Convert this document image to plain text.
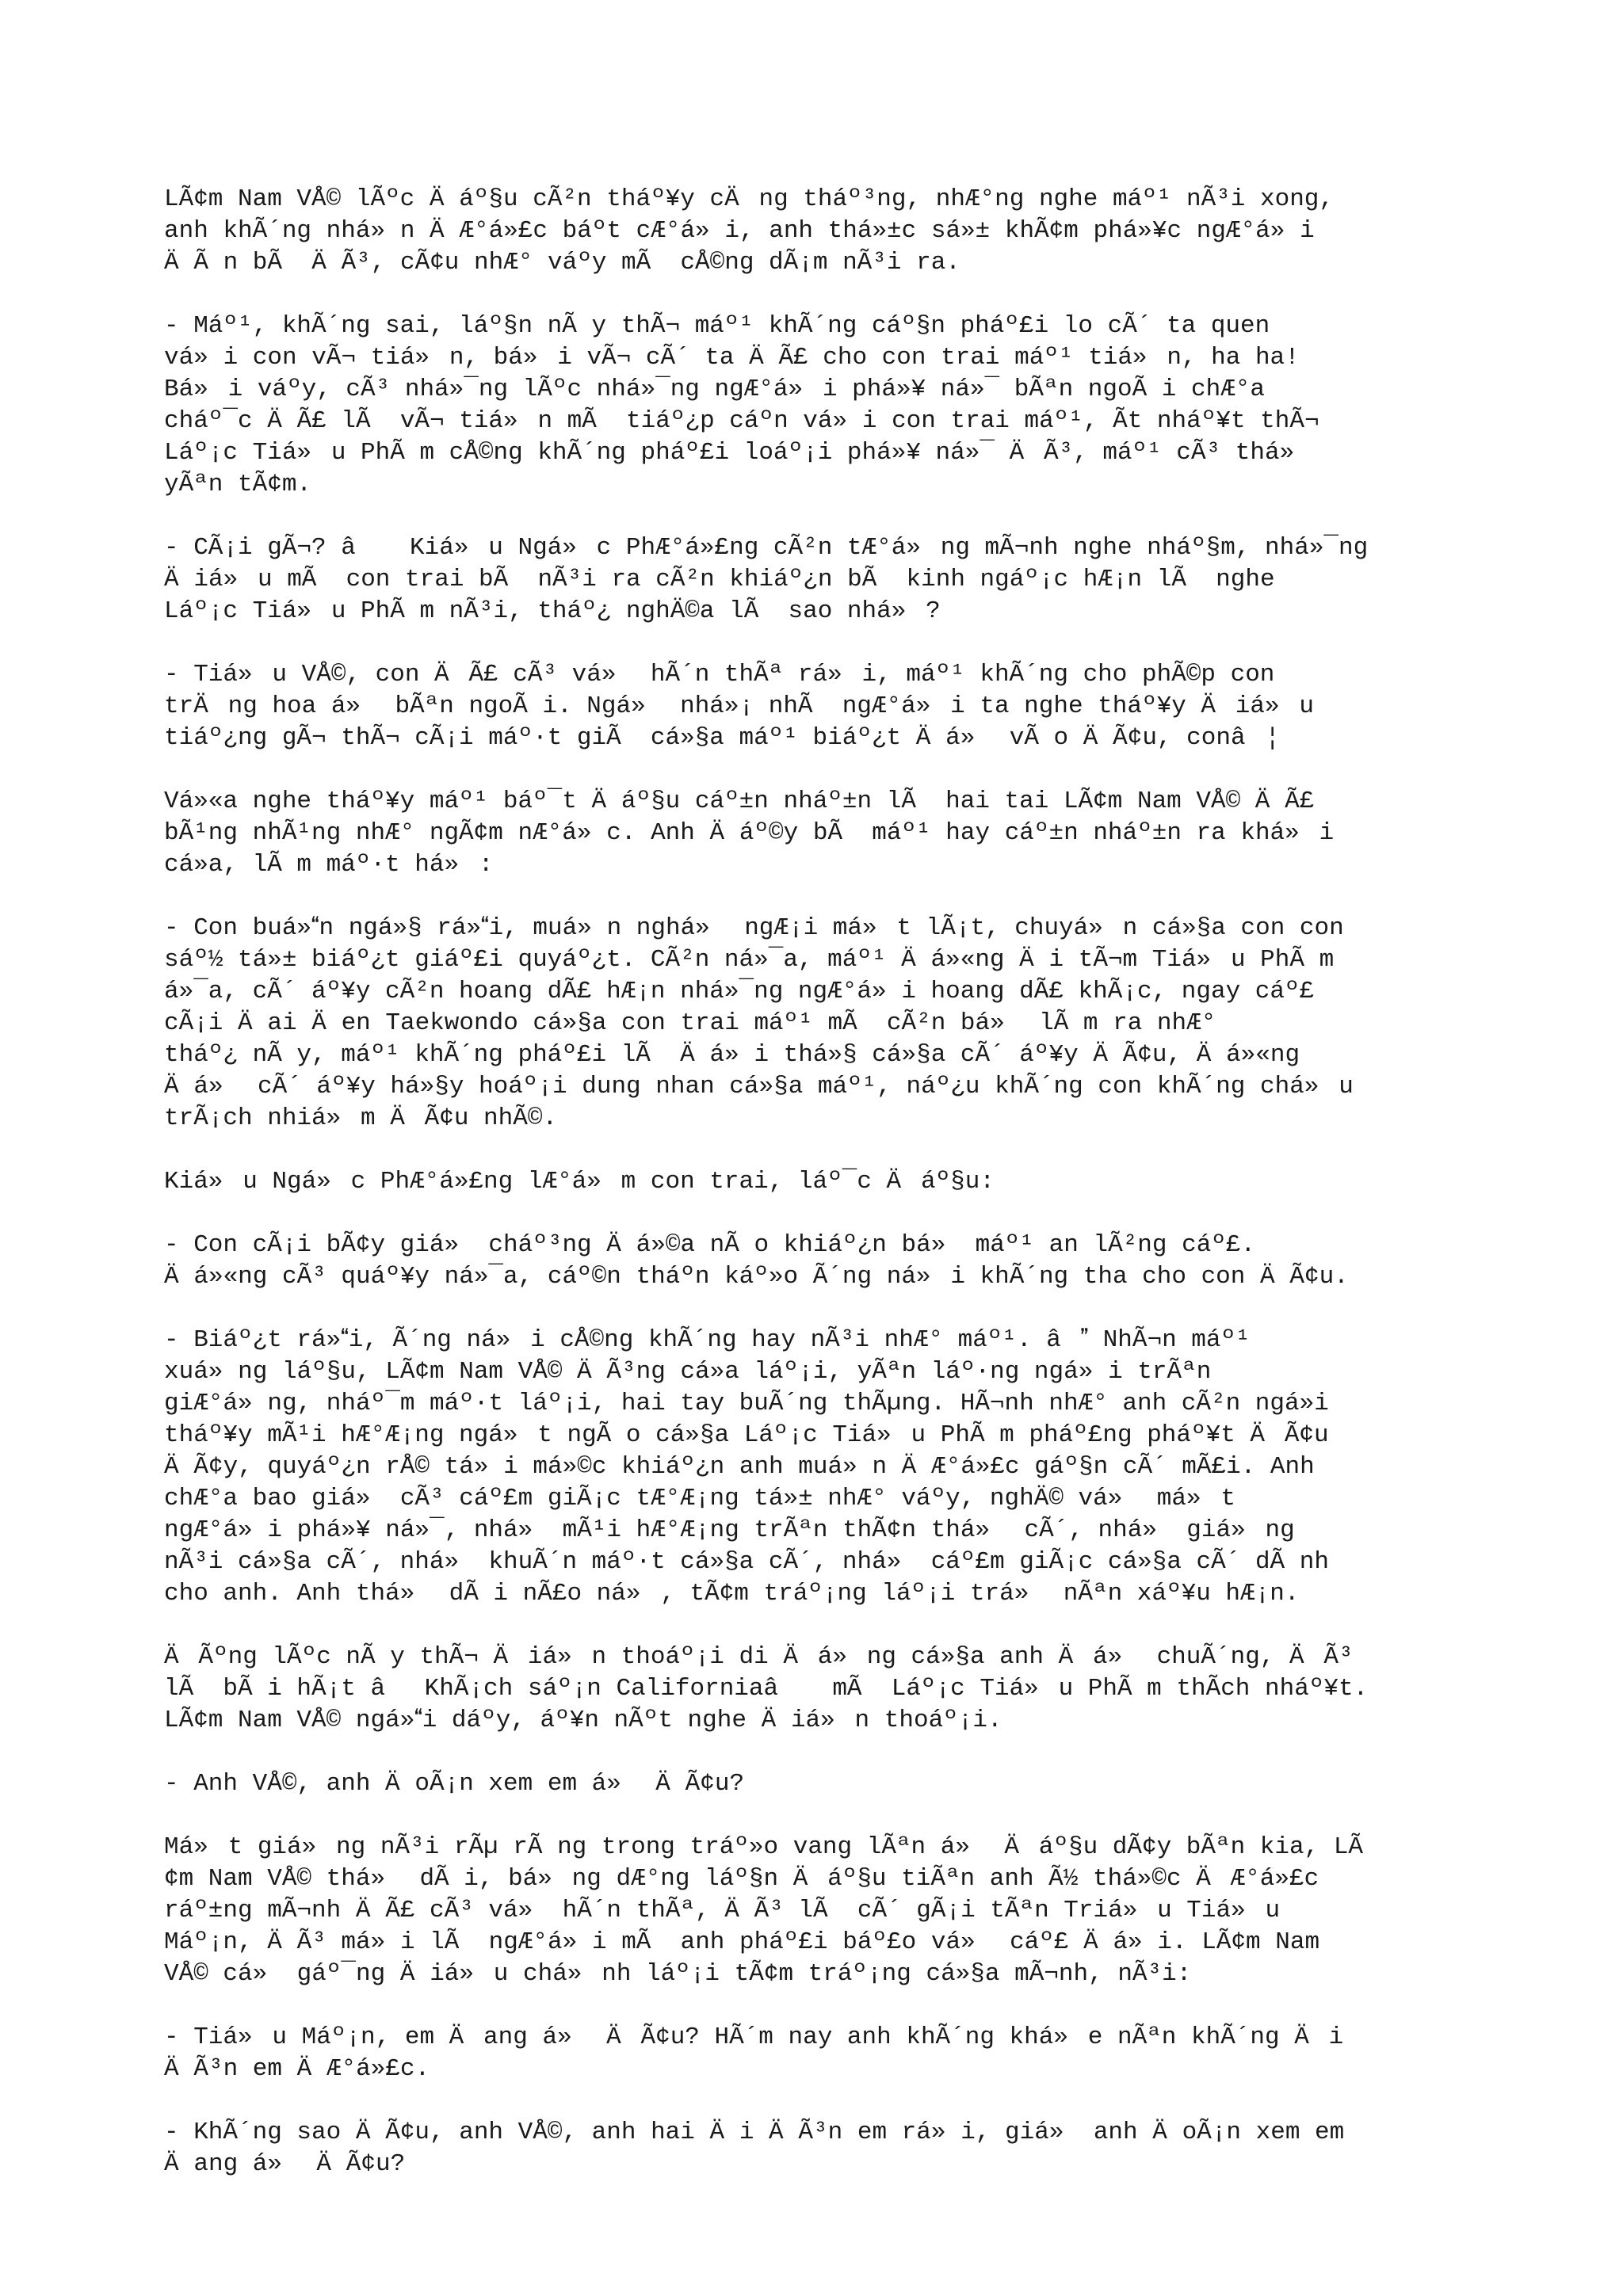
LÃ¢m Nam VÅ© lÃºc Äáº§u cÃ²n tháº¥y cÄng tháº³ng, nhÆ°ng nghe máº¹ nÃ³i xong,
anh khÃ´ng nhá»n ÄÆ°á»£c báºt cÆ°á»i, anh thá»±c sá»± khÃ¢m phá»¥c ngÆ°á»i
ÄÃ n bÃ  ÄÃ³, cÃ¢u nhÆ° váºy mÃ  cÅ©ng dÃ¡m nÃ³i ra.

- Máº¹, khÃ´ng sai, láº§n nÃ y thÃ¬ máº¹ khÃ´ng cáº§n pháº£i lo cÃ´ ta quen
vá»i con vÃ¬ tiá»n, bá»i vÃ¬ cÃ´ ta ÄÃ£ cho con trai máº¹ tiá»n, ha ha!
Bá»i váºy, cÃ³ nhá»¯ng lÃºc nhá»¯ng ngÆ°á»i phá»¥ ná»¯ bÃªn ngoÃ i chÆ°a
cháº¯c ÄÃ£ lÃ  vÃ¬ tiá»n mÃ  tiáº¿p cáºn vá»i con trai máº¹, Ãt nháº¥t thÃ¬
Láº¡c Tiá»u PhÃ m cÅ©ng khÃ´ng pháº£i loáº¡i phá»¥ ná»¯ ÄÃ³, máº¹ cÃ³ thá»
yÃªn tÃ¢m.

- CÃ¡i gÃ¬? â Kiá»u Ngá»c PhÆ°á»£ng cÃ²n tÆ°á»ng mÃ¬nh nghe nháº§m, nhá»¯ng
Äiá»u mÃ  con trai bÃ  nÃ³i ra cÃ²n khiáº¿n bÃ  kinh ngáº¡c hÆ¡n lÃ  nghe
Láº¡c Tiá»u PhÃ m nÃ³i, tháº¿ nghÄ©a lÃ  sao nhá»?

- Tiá»u VÅ©, con ÄÃ£ cÃ³ vá» hÃ´n thÃª rá»i, máº¹ khÃ´ng cho phÃ©p con
trÄng hoa á» bÃªn ngoÃ i. Ngá» nhá»¡ nhÃ  ngÆ°á»i ta nghe tháº¥y Äiá»u
tiáº¿ng gÃ¬ thÃ¬ cÃ¡i máº·t giÃ  cá»§a máº¹ biáº¿t Äá» vÃ o ÄÃ¢u, conâ¦

Vá»«a nghe tháº¥y máº¹ báº¯t Äáº§u cáº±n nháº±n lÃ  hai tai LÃ¢m Nam VÅ© ÄÃ£
bÃ¹ng nhÃ¹ng nhÆ° ngÃ¢m nÆ°á»c. Anh Äáº©y bÃ  máº¹ hay cáº±n nháº±n ra khá»i
cá»a, lÃ m máº·t há»:

- Con buá»n ngá»§ rá»i, muá»n nghá» ngÆ¡i má»t lÃ¡t, chuyá»n cá»§a con con
sáº½ tá»± biáº¿t giáº£i quyáº¿t. CÃ²n ná»¯a, máº¹ Äá»«ng Äi tÃ¬m Tiá»u PhÃ m
á»¯a, cÃ´ áº¥y cÃ²n hoang dÃ£ hÆ¡n nhá»¯ng ngÆ°á»i hoang dÃ£ khÃ¡c, ngay cáº£
cÃ¡i Äai Äen Taekwondo cá»§a con trai máº¹ mÃ  cÃ²n bá» lÃ m ra nhÆ°
tháº¿ nÃ y, máº¹ khÃ´ng pháº£i lÃ  Äá»i thá»§ cá»§a cÃ´ áº¥y ÄÃ¢u, Äá»«ng
Äá» cÃ´ áº¥y há»§y hoáº¡i dung nhan cá»§a máº¹, náº¿u khÃ´ng con khÃ´ng chá»u
trÃ¡ch nhiá»m ÄÃ¢u nhÃ©.

Kiá»u Ngá»c PhÆ°á»£ng lÆ°á»m con trai, láº¯c Äáº§u:

- Con cÃ¡i bÃ¢y giá» cháº³ng Äá»©a nÃ o khiáº¿n bá» máº¹ an lÃ²ng cáº£.
Äá»«ng cÃ³ quáº¥y ná»¯a, cáº©n tháºn káº»o Ã´ng ná»i khÃ´ng tha cho con ÄÃ¢u.

- Biáº¿t rá»i, Ã´ng ná»i cÅ©ng khÃ´ng hay nÃ³i nhÆ° máº¹. â NhÃ¬n máº¹
xuá»ng láº§u, LÃ¢m Nam VÅ© ÄÃ³ng cá»a láº¡i, yÃªn láº·ng ngá»i trÃªn
giÆ°á»ng, nháº¯m máº·t láº¡i, hai tay buÃ´ng thÃµng. HÃ¬nh nhÆ° anh cÃ²n ngá»i
tháº¥y mÃ¹i hÆ°Æ¡ng ngá»t ngÃ o cá»§a Láº¡c Tiá»u PhÃ m pháº£ng pháº¥t ÄÃ¢u
ÄÃ¢y, quyáº¿n rÅ© tá»i má»©c khiáº¿n anh muá»n ÄÆ°á»£c gáº§n cÃ´ mÃ£i. Anh
chÆ°a bao giá» cÃ³ cáº£m giÃ¡c tÆ°Æ¡ng tá»± nhÆ° váºy, nghÄ© vá» má»t
ngÆ°á»i phá»¥ ná»¯, nhá» mÃ¹i hÆ°Æ¡ng trÃªn thÃ¢n thá» cÃ´, nhá» giá»ng
nÃ³i cá»§a cÃ´, nhá» khuÃ´n máº·t cá»§a cÃ´, nhá» cáº£m giÃ¡c cá»§a cÃ´ dÃ nh
cho anh. Anh thá» dÃ i nÃ£o ná», tÃ¢m tráº¡ng láº¡i trá» nÃªn xáº¥u hÆ¡n.

ÄÃºng lÃºc nÃ y thÃ¬ Äiá»n thoáº¡i di Äá»ng cá»§a anh Äá» chuÃ´ng, ÄÃ³
lÃ  bÃ i hÃ¡t âKhÃ¡ch sáº¡n Californiaâ mÃ  Láº¡c Tiá»u PhÃ m thÃch nháº¥t.
LÃ¢m Nam VÅ© ngá»i dáºy, áº¥n nÃºt nghe Äiá»n thoáº¡i.

- Anh VÅ©, anh ÄoÃ¡n xem em á» ÄÃ¢u?

Má»t giá»ng nÃ³i rÃµ rÃ ng trong tráº»o vang lÃªn á» Äáº§u dÃ¢y bÃªn kia, LÃ
¢m Nam VÅ© thá» dÃ i, bá»ng dÆ°ng láº§n Äáº§u tiÃªn anh Ã½ thá»©c ÄÆ°á»£c
ráº±ng mÃ¬nh ÄÃ£ cÃ³ vá» hÃ´n thÃª, ÄÃ³ lÃ  cÃ´ gÃ¡i tÃªn Triá»u Tiá»u
Máº¡n, ÄÃ³ má»i lÃ  ngÆ°á»i mÃ  anh pháº£i báº£o vá» cáº£ Äá»i. LÃ¢m Nam
VÅ© cá» gáº¯ng Äiá»u chá»nh láº¡i tÃ¢m tráº¡ng cá»§a mÃ¬nh, nÃ³i:

- Tiá»u Máº¡n, em Äang á» ÄÃ¢u? HÃ´m nay anh khÃ´ng khá»e nÃªn khÃ´ng Äi
ÄÃ³n em ÄÆ°á»£c.

- KhÃ´ng sao ÄÃ¢u, anh VÅ©, anh hai Äi ÄÃ³n em rá»i, giá» anh ÄoÃ¡n xem em
Äang á» ÄÃ¢u?
